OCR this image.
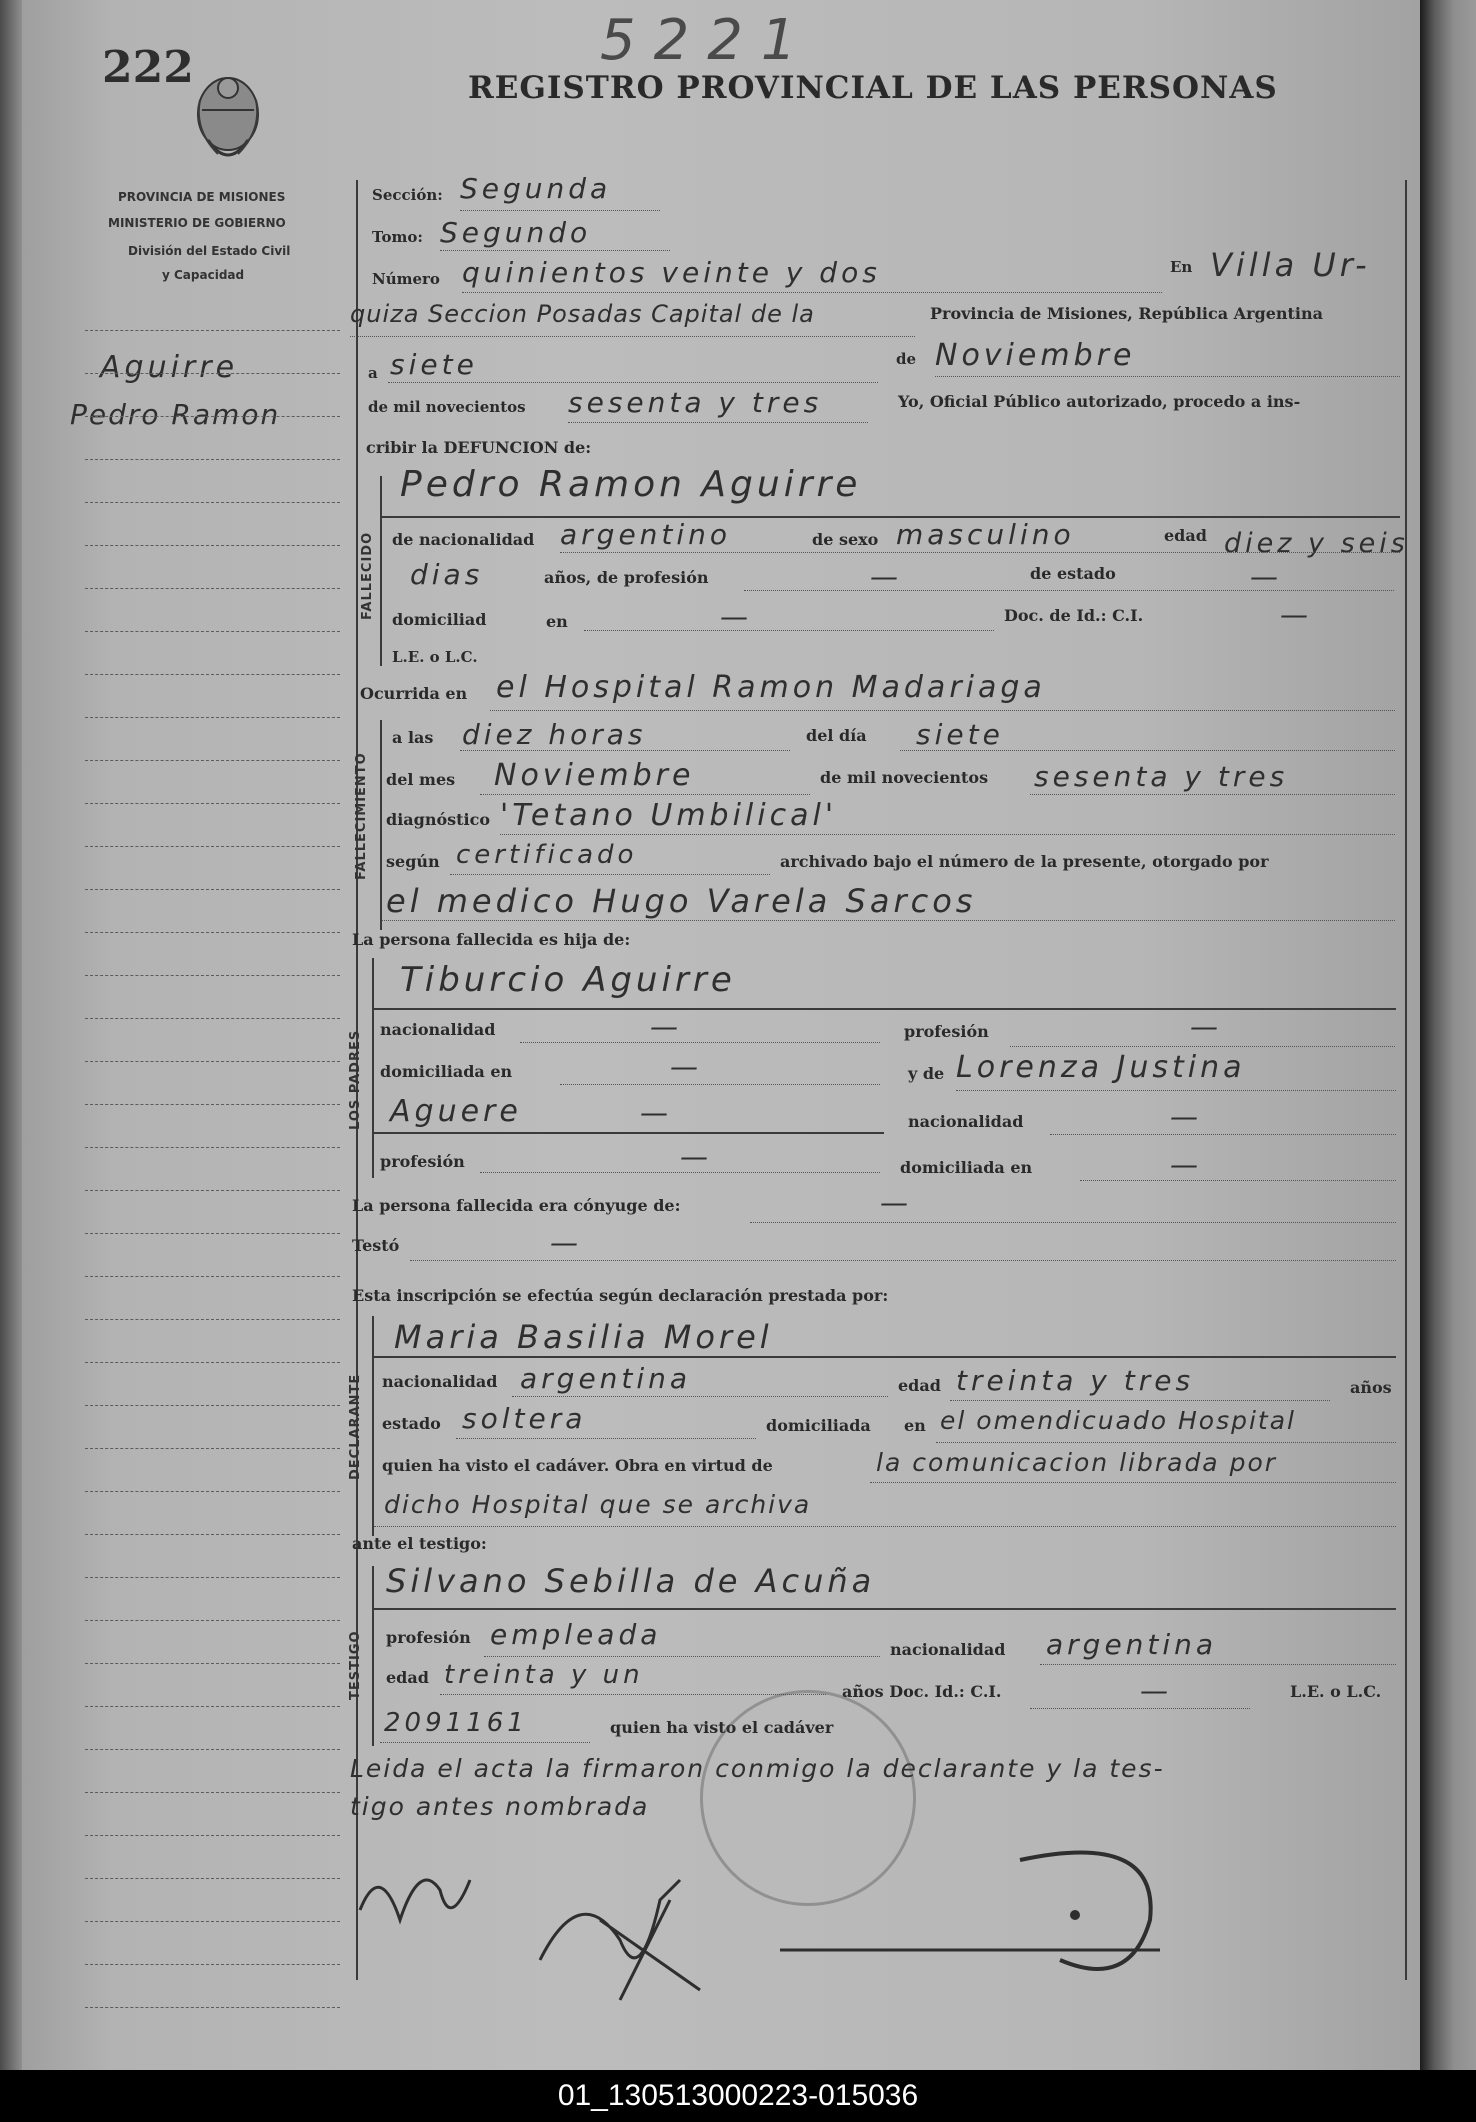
222	5221
REGISTRO PROVINCIAL DE LAS PERSONAS
PROVINCIA DE MISIONES
MINISTERIO DE GOBIERNO
División del Estado Civil
y Capacidad
Aguirre
Pedro Ramon
Sección: Segunda
Tomo: Segundo
Número quinientos veinte y dos	En Villa Ur-
quiza Seccion Posadas Capital de la	Provincia de Misiones, República Argentina
a siete	de Noviembre
de mil novecientos sesenta y tres	Yo, Oficial Público autorizado, procedo a ins-
cribir la DEFUNCION de:
FALLECIDO
Pedro Ramon Aguirre
de nacionalidad argentino	de sexo masculino	edad diez y seis
dias	años, de profesión	—	de estado	—
domiciliad	en	—	Doc. de Id.: C.I.	—
L.E. o L.C.
Ocurrida en el Hospital Ramon Madariaga
FALLECIMIENTO
a las diez horas	del día siete
del mes Noviembre	de mil novecientos sesenta y tres
diagnóstico 'Tetano Umbilical'
según certificado	archivado bajo el número de la presente, otorgado por
el medico Hugo Varela Sarcos
La persona fallecida es hija de:
LOS PADRES
Tiburcio Aguirre
nacionalidad	—	profesión	—
domiciliada en	—	y de Lorenza Justina
Aguere	—	nacionalidad	—
profesión	—	domiciliada en	—
La persona fallecida era cónyuge de:	—
Testó	—
Esta inscripción se efectúa según declaración prestada por:
DECLARANTE
Maria Basilia Morel
nacionalidad argentina	edad treinta y tres	años
estado soltera	domiciliada en el omendicuado Hospital
quien ha visto el cadáver. Obra en virtud de	la comunicacion librada por
dicho Hospital que se archiva
ante el testigo:
TESTIGO
Silvano Sebilla de Acuña
profesión empleada	nacionalidad argentina
edad treinta y un
años Doc. Id.: C.I.	—	L.E. o L.C.
2091161	quien ha visto el cadáver
Leida el acta la firmaron conmigo la declarante y la tes-
tigo antes nombrada
01_130513000223-015036
